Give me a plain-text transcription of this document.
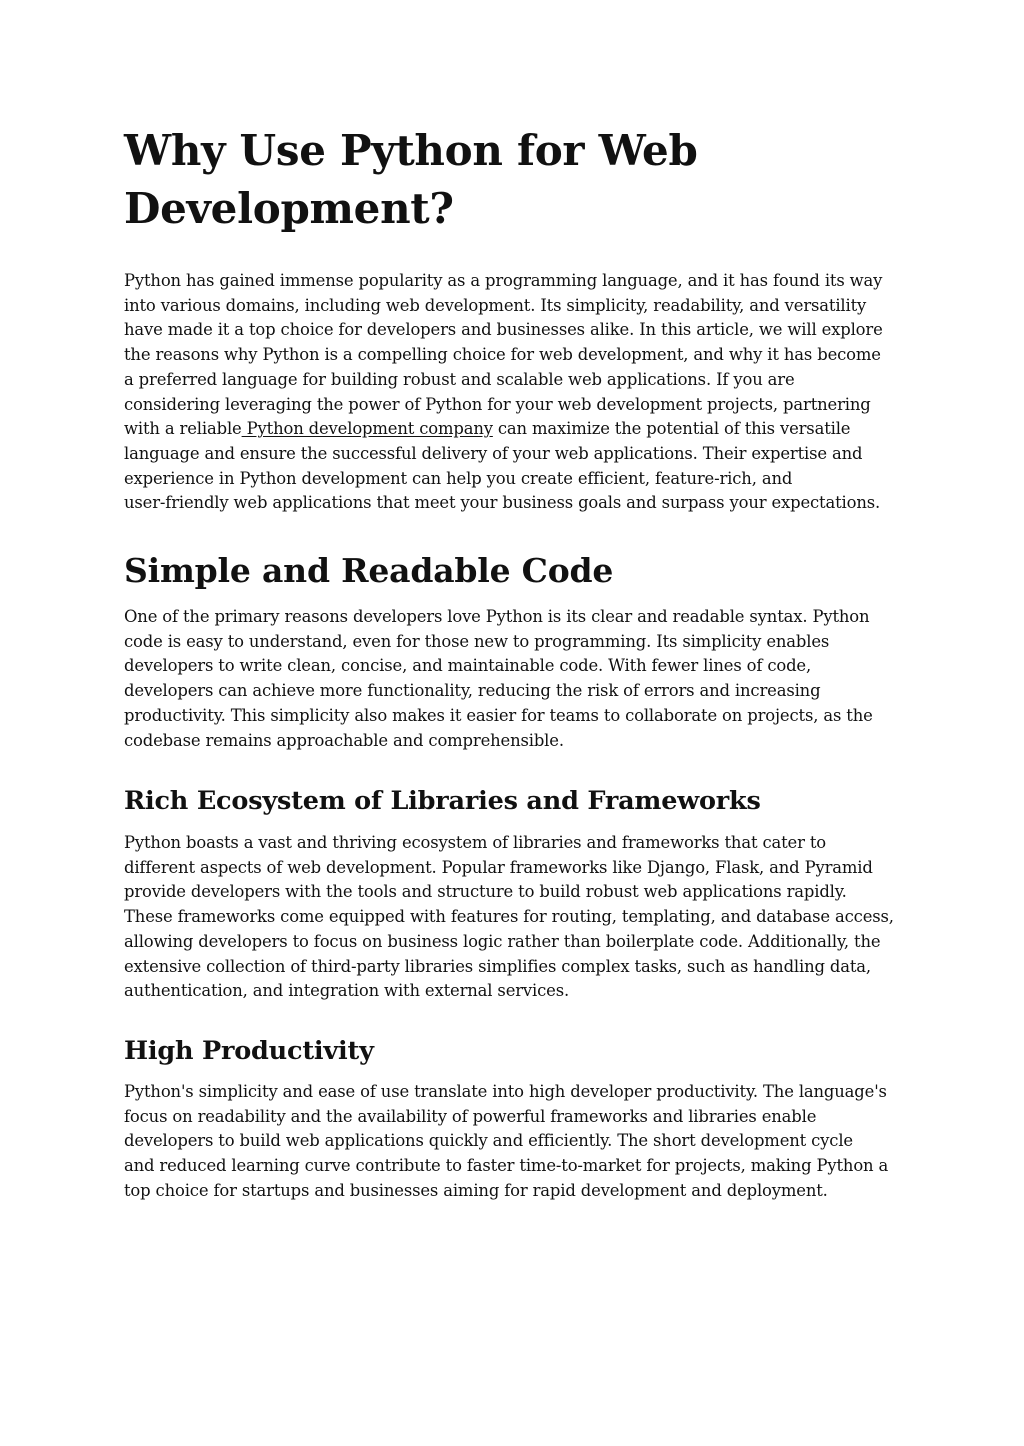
Why Use Python for Web
Development?

Python has gained immense popularity as a programming language, and it has found its way

into various domains, including web development. Its simplicity, readability, and versatility

have made it a top choice for developers and businesses alike. In this article, we will explore

the reasons why Python is a compelling choice for web development, and why it has become

a preferred language for building robust and scalable web applications. If you are

considering leveraging the power of Python for your web development projects, partnering

with a reliable Python development company can maximize the potential of this versatile

language and ensure the successful delivery of your web applications. Their expertise and

experience in Python development can help you create efficient, feature-rich, and

user-friendly web applications that meet your business goals and surpass your expectations.

Simple and Readable Code

One of the primary reasons developers love Python is its clear and readable syntax. Python

code is easy to understand, even for those new to programming. Its simplicity enables

developers to write clean, concise, and maintainable code. With fewer lines of code,

developers can achieve more functionality, reducing the risk of errors and increasing

productivity. This simplicity also makes it easier for teams to collaborate on projects, as the

codebase remains approachable and comprehensible.

Rich Ecosystem of Libraries and Frameworks

Python boasts a vast and thriving ecosystem of libraries and frameworks that cater to

different aspects of web development. Popular frameworks like Django, Flask, and Pyramid

provide developers with the tools and structure to build robust web applications rapidly.

These frameworks come equipped with features for routing, templating, and database access,

allowing developers to focus on business logic rather than boilerplate code. Additionally, the

extensive collection of third-party libraries simplifies complex tasks, such as handling data,

authentication, and integration with external services.

High Productivity

Python's simplicity and ease of use translate into high developer productivity. The language's

focus on readability and the availability of powerful frameworks and libraries enable

developers to build web applications quickly and efficiently. The short development cycle

and reduced learning curve contribute to faster time-to-market for projects, making Python a

top choice for startups and businesses aiming for rapid development and deployment.
